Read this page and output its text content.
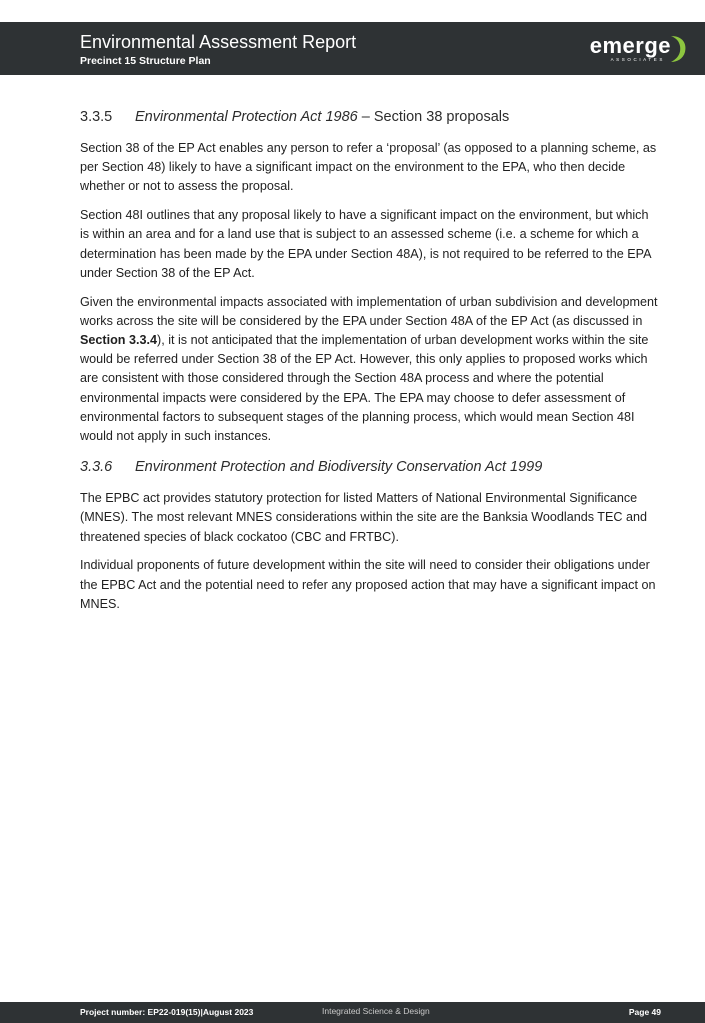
Environmental Assessment Report
Precinct 15 Structure Plan
emerge
ASSOCIATES
3.3.5 Environmental Protection Act 1986 – Section 38 proposals

Section 38 of the EP Act enables any person to refer a ‘proposal’ (as opposed to a planning scheme, as per Section 48) likely to have a significant impact on the environment to the EPA, who then decide whether or not to assess the proposal.

Section 48I outlines that any proposal likely to have a significant impact on the environment, but which is within an area and for a land use that is subject to an assessed scheme (i.e. a scheme for which a determination has been made by the EPA under Section 48A), is not required to be referred to the EPA under Section 38 of the EP Act.

Given the environmental impacts associated with implementation of urban subdivision and development works across the site will be considered by the EPA under Section 48A of the EP Act (as discussed in Section 3.3.4), it is not anticipated that the implementation of urban development works within the site would be referred under Section 38 of the EP Act. However, this only applies to proposed works which are consistent with those considered through the Section 48A process and where the potential environmental impacts were considered by the EPA. The EPA may choose to defer assessment of environmental factors to subsequent stages of the planning process, which would mean Section 48I would not apply in such instances.

3.3.6 Environment Protection and Biodiversity Conservation Act 1999

The EPBC act provides statutory protection for listed Matters of National Environmental Significance (MNES). The most relevant MNES considerations within the site are the Banksia Woodlands TEC and threatened species of black cockatoo (CBC and FRTBC).

Individual proponents of future development within the site will need to consider their obligations under the EPBC Act and the potential need to refer any proposed action that may have a significant impact on MNES.

Project number: EP22-019(15)|August 2023	Integrated Science & Design	Page 49
